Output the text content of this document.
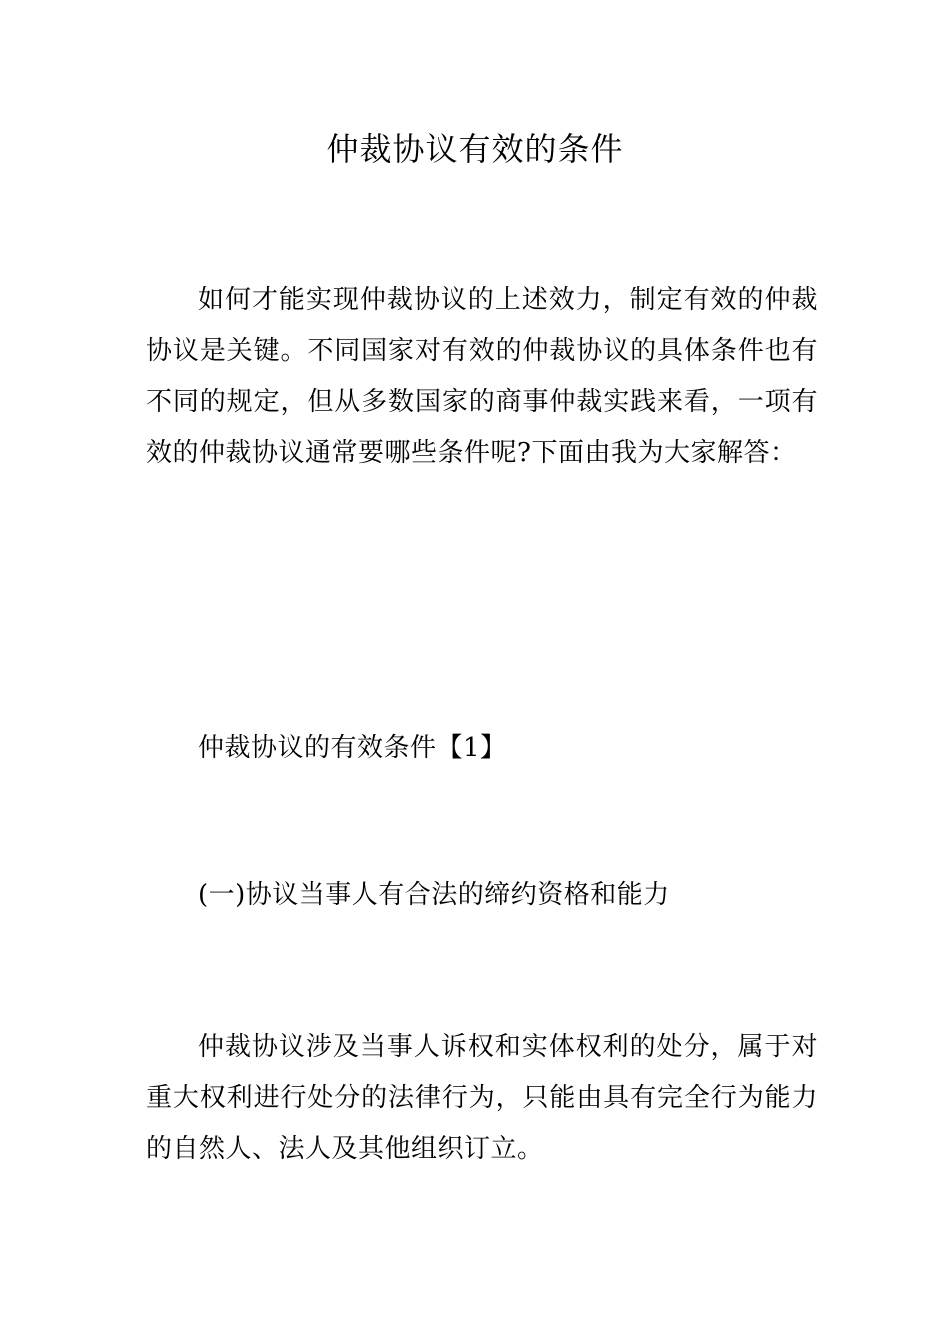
仲裁协议有效的条件

如何才能实现仲裁协议的上述效力，制定有效的仲裁协议是关键。不同国家对有效的仲裁协议的具体条件也有不同的规定，但从多数国家的商事仲裁实践来看，一项有效的仲裁协议通常要哪些条件呢?下面由我为大家解答：

仲裁协议的有效条件【1】

(一)协议当事人有合法的缔约资格和能力

仲裁协议涉及当事人诉权和实体权利的处分，属于对重大权利进行处分的法律行为，只能由具有完全行为能力的自然人、法人及其他组织订立。
